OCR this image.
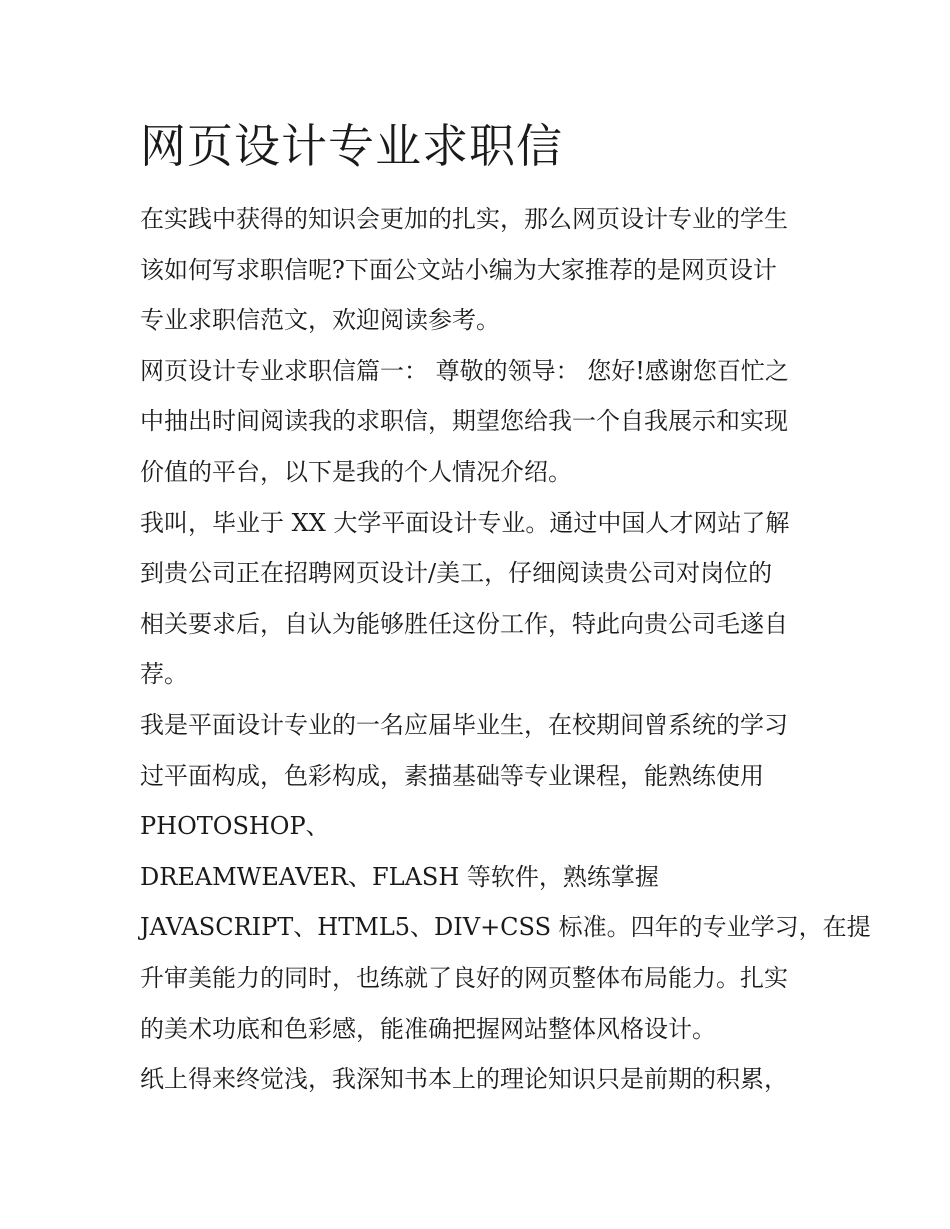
网页设计专业求职信
在实践中获得的知识会更加的扎实，那么网页设计专业的学生
该如何写求职信呢?下面公文站小编为大家推荐的是网页设计
专业求职信范文，欢迎阅读参考。
网页设计专业求职信篇一： 尊敬的领导： 您好!感谢您百忙之
中抽出时间阅读我的求职信，期望您给我一个自我展示和实现
价值的平台，以下是我的个人情况介绍。
我叫，毕业于 XX 大学平面设计专业。通过中国人才网站了解
到贵公司正在招聘网页设计/美工，仔细阅读贵公司对岗位的
相关要求后，自认为能够胜任这份工作，特此向贵公司毛遂自
荐。
我是平面设计专业的一名应届毕业生，在校期间曾系统的学习
过平面构成，色彩构成，素描基础等专业课程，能熟练使用
PHOTOSHOP、
DREAMWEAVER、FLASH 等软件，熟练掌握
JAVASCRIPT、HTML5、DIV+CSS 标准。四年的专业学习，在提
升审美能力的同时，也练就了良好的网页整体布局能力。扎实
的美术功底和色彩感，能准确把握网站整体风格设计。
纸上得来终觉浅，我深知书本上的理论知识只是前期的积累，
